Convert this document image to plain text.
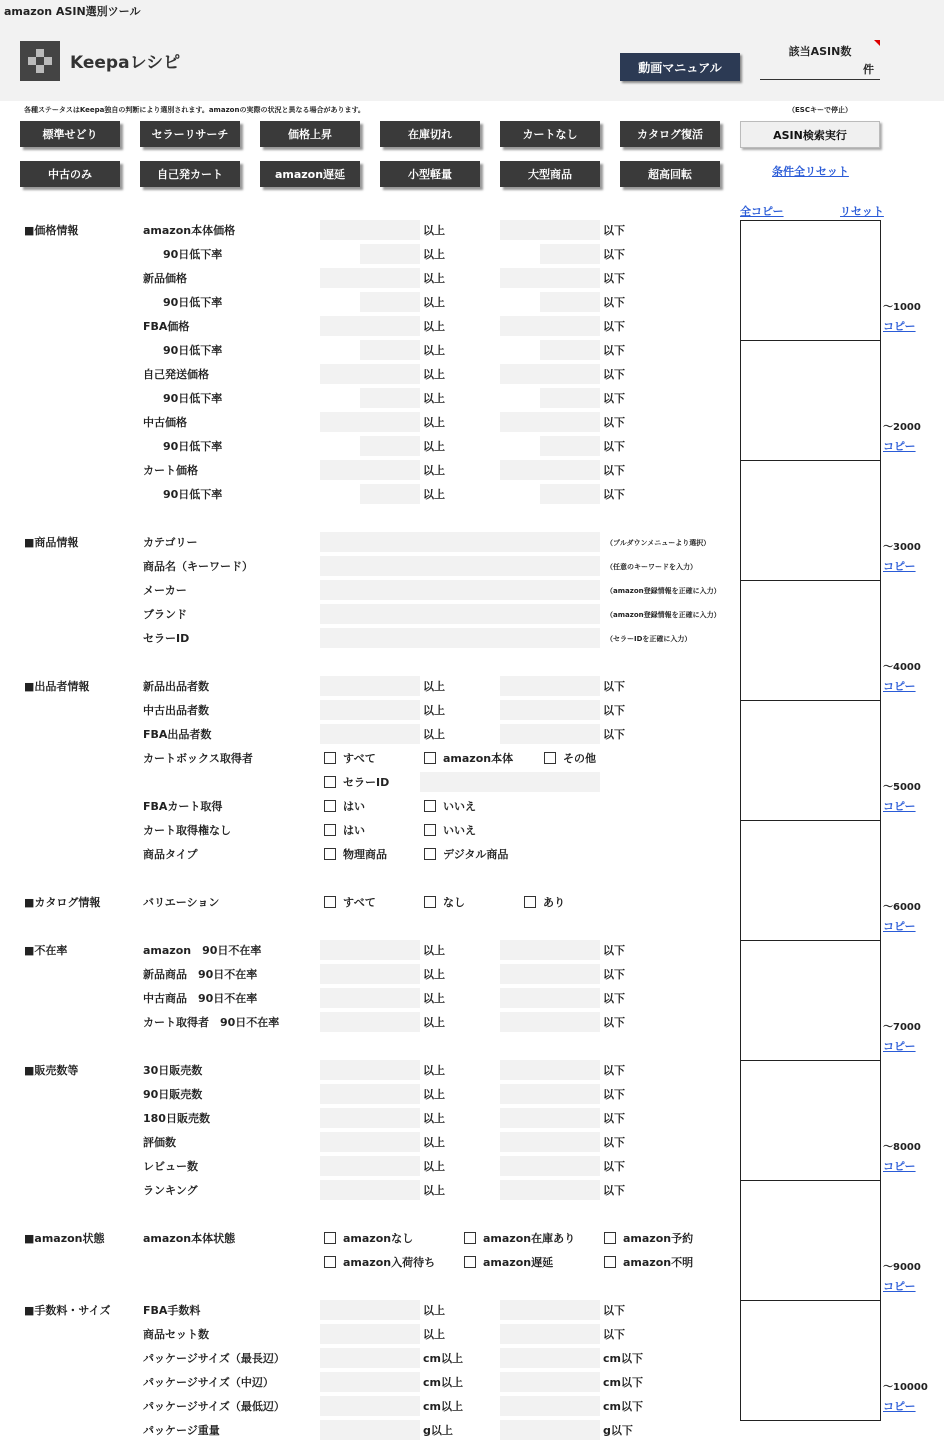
amazon ASIN選別ツール
Keepaレシピ	動画マニュアル
該当ASIN数
件
各種ステータスはKeepa独自の判断により選別されます。amazonの実際の状況と異なる場合があります。	（ESCキーで停止）
標準せどり	セラーリサーチ	価格上昇	在庫切れ	カートなし	カタログ復活
中古のみ	自己発カート	amazon遅延	小型軽量	大型商品	超高回転
ASIN検索実行
条件全リセット
全コピー	リセット
■価格情報	amazon本体価格	以上	以下
90日低下率	以上	以下
新品価格	以上	以下
90日低下率	以上	以下
FBA価格	以上	以下
90日低下率	以上	以下
自己発送価格	以上	以下
90日低下率	以上	以下
中古価格	以上	以下
90日低下率	以上	以下
カート価格	以上	以下
90日低下率	以上	以下
■商品情報	カテゴリー	（プルダウンメニューより選択）
商品名（キーワード）	（任意のキーワードを入力）
メーカー	（amazon登録情報を正確に入力）
ブランド	（amazon登録情報を正確に入力）
セラーID	（セラーIDを正確に入力）
■出品者情報	新品出品者数	以上	以下
中古出品者数	以上	以下
FBA出品者数	以上	以下
カートボックス取得者	すべて	amazon本体	その他
セラーID
FBAカート取得	はい	いいえ
カート取得権なし	はい	いいえ
商品タイプ	物理商品	デジタル商品
■カタログ情報	バリエーション	すべて	なし	あり
■不在率	amazon　90日不在率	以上	以下
新品商品　90日不在率	以上	以下
中古商品　90日不在率	以上	以下
カート取得者　90日不在率	以上	以下
■販売数等	30日販売数	以上	以下
90日販売数	以上	以下
180日販売数	以上	以下
評価数	以上	以下
レビュー数	以上	以下
ランキング	以上	以下
■amazon状態	amazon本体状態	amazonなし	amazon在庫あり	amazon予約
amazon入荷待ち	amazon遅延	amazon不明
■手数料・サイズ	FBA手数料	以上	以下
商品セット数	以上	以下
パッケージサイズ（最長辺）	cm以上	cm以下
パッケージサイズ（中辺）	cm以上	cm以下
パッケージサイズ（最低辺）	cm以上	cm以下
パッケージ重量	g以上	g以下
～1000
コピー
～2000
コピー
～3000
コピー
～4000
コピー
～5000
コピー
～6000
コピー
～7000
コピー
～8000
コピー
～9000
コピー
～10000
コピー
